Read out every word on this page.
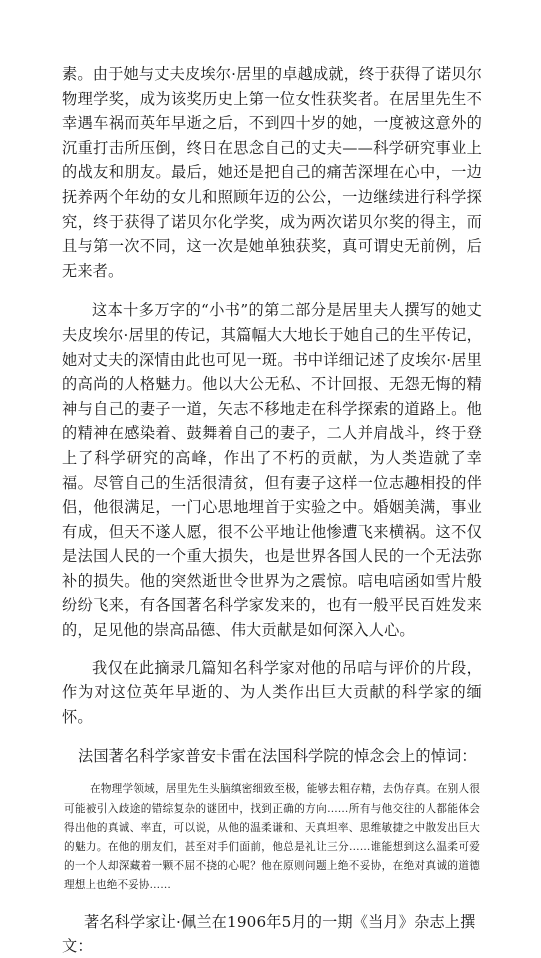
素。由于她与丈夫皮埃尔·居里的卓越成就，终于获得了诺贝尔物理学奖，成为该奖历史上第一位女性获奖者。在居里先生不幸遇车祸而英年早逝之后，不到四十岁的她，一度被这意外的沉重打击所压倒，终日在思念自己的丈夫——科学研究事业上的战友和朋友。最后，她还是把自己的痛苦深埋在心中，一边抚养两个年幼的女儿和照顾年迈的公公，一边继续进行科学探究，终于获得了诺贝尔化学奖，成为两次诺贝尔奖的得主，而且与第一次不同，这一次是她单独获奖，真可谓史无前例，后无来者。

这本十多万字的“小书”的第二部分是居里夫人撰写的她丈夫皮埃尔·居里的传记，其篇幅大大地长于她自己的生平传记，她对丈夫的深情由此也可见一斑。书中详细记述了皮埃尔·居里的高尚的人格魅力。他以大公无私、不计回报、无怨无悔的精神与自己的妻子一道，矢志不移地走在科学探索的道路上。他的精神在感染着、鼓舞着自己的妻子，二人并肩战斗，终于登上了科学研究的高峰，作出了不朽的贡献，为人类造就了幸福。尽管自己的生活很清贫，但有妻子这样一位志趣相投的伴侣，他很满足，一门心思地埋首于实验之中。婚姻美满，事业有成，但天不遂人愿，很不公平地让他惨遭飞来横祸。这不仅是法国人民的一个重大损失，也是世界各国人民的一个无法弥补的损失。他的突然逝世令世界为之震惊。唁电唁函如雪片般纷纷飞来，有各国著名科学家发来的，也有一般平民百姓发来的，足见他的崇高品德、伟大贡献是如何深入人心。

我仅在此摘录几篇知名科学家对他的吊唁与评价的片段，作为对这位英年早逝的、为人类作出巨大贡献的科学家的缅怀。

法国著名科学家普安卡雷在法国科学院的悼念会上的悼词：

在物理学领域，居里先生头脑缜密细致至极，能够去粗存精，去伪存真。在别人很可能被引入歧途的错综复杂的谜团中，找到正确的方向……所有与他交往的人都能体会得出他的真诚、率直，可以说，从他的温柔谦和、天真坦率、思维敏捷之中散发出巨大的魅力。在他的朋友们，甚至对手们面前，他总是礼让三分……谁能想到这么温柔可爱的一个人却深藏着一颗不屈不挠的心呢？他在原则问题上绝不妥协，在绝对真诚的道德理想上也绝不妥协……

著名科学家让·佩兰在1906年5月的一期《当月》杂志上撰文：
